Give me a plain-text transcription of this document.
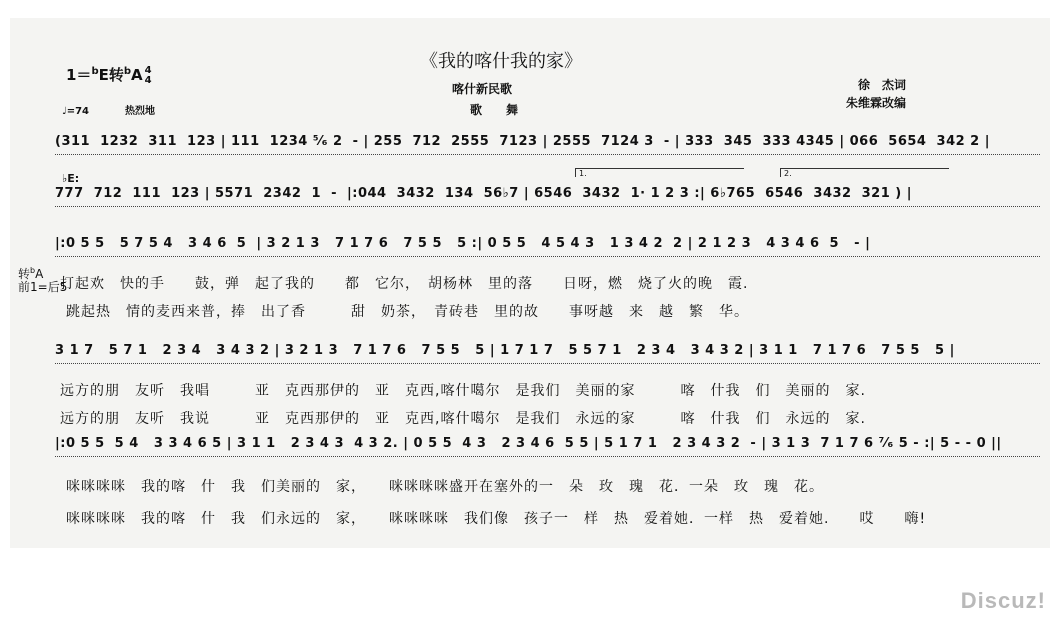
《我的喀什我的家》
喀什新民歌
歌　　舞
徐　杰词
朱维霖改编
1＝$^b$E转$^b$A 4
4
♩=74	热烈地
(311  1232  311  123 | 111  1234 ⁵⁄₆ 2  - | 255  712  2555  7123 | 2555  7124 3  - | 333  345  333 4345 | 066  5654  342 2 |
♭E:	1.	2.
777  712  111  123 | 5571  2342  1  -  |:044  3432  134  56♭7 | 6546  3432  1· 1 2 3 :| 6♭765  6546  3432  321 ) |
转$^b$A
前1=后5
|:0 5 5   5 7 5 4   3 4 6  5  | 3 2 1 3   7 1 7 6   7 5 5   5 :| 0 5 5   4 5 4 3   1 3 4 2  2 | 2 1 2 3   4 3 4 6  5   - |
打起欢　快的手　　鼓，弹　起了我的　　都　它尔，　胡杨林　里的落　　日呀，燃　烧了火的晚　霞.
跳起热　情的麦西来普，捧　出了香　　　甜　奶茶，　青砖巷　里的故　　事呀越　来　越　繁　华。
3 1 7   5 7 1   2 3 4   3 4 3 2 | 3 2 1 3   7 1 7 6   7 5 5   5 | 1 7 1 7   5 5 7 1   2 3 4   3 4 3 2 | 3 1 1   7 1 7 6   7 5 5   5 |
远方的朋　友听　我唱　　　亚　克西那伊的　亚　克西,喀什噶尔　是我们　美丽的家　　　喀　什我　们　美丽的　家.
远方的朋　友听　我说　　　亚　克西那伊的　亚　克西,喀什噶尔　是我们　永远的家　　　喀　什我　们　永远的　家.
|:0 5 5  5 4   3 3 4 6 5 | 3 1 1   2 3 4 3  4 3 2. | 0 5 5  4 3   2 3 4 6  5 5 | 5 1 7 1   2 3 4 3 2  - | 3 1 3  7 1 7 6 ⁷⁄₆ 5 - :| 5 - - 0 ||
咪咪咪咪　我的喀　什　我　们美丽的　家，　　咪咪咪咪盛开在塞外的一　朵　玫　瑰　花．一朵　玫　瑰　花。
咪咪咪咪　我的喀　什　我　们永远的　家，　　咪咪咪咪　我们像　孩子一　样　热　爱着她．一样　热　爱着她.　　哎　　嗨!
Discuz!
